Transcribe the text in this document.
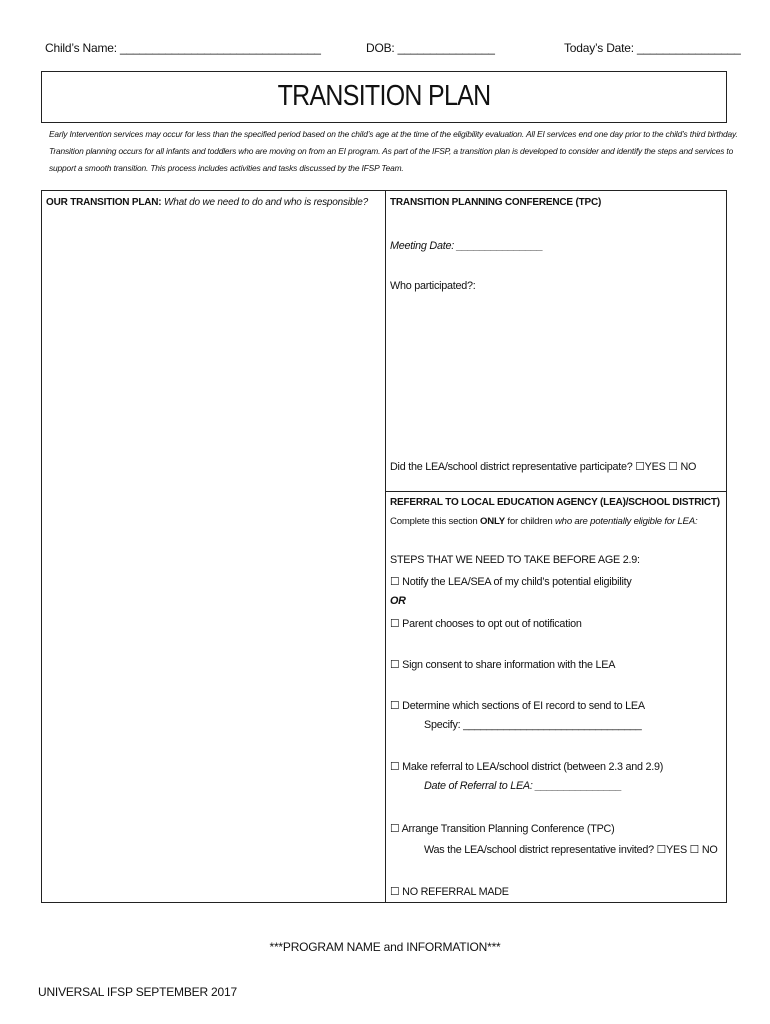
Child’s Name: _______________________________	DOB: _______________	Today’s Date: ________________
TRANSITION PLAN
Early Intervention services may occur for less than the specified period based on the child’s age at the time of the eligibility evaluation. All EI services end one day prior to the child’s third birthday. Transition planning occurs for all infants and toddlers who are moving on from an EI program. As part of the IFSP, a transition plan is developed to consider and identify the steps and services to support a smooth transition. This process includes activities and tasks discussed by the IFSP Team.
OUR TRANSITION PLAN: What do we need to do and who is responsible? TRANSITION PLANNING CONFERENCE (TPC)
Meeting Date: _______________
Who participated?:
Did the LEA/school district representative participate? ☐YES ☐ NO
REFERRAL TO LOCAL EDUCATION AGENCY (LEA)/SCHOOL DISTRICT)
Complete this section ONLY for children who are potentially eligible for LEA:
STEPS THAT WE NEED TO TAKE BEFORE AGE 2.9:
☐ Notify the LEA/SEA of my child’s potential eligibility
OR
☐ Parent chooses to opt out of notification
☐ Sign consent to share information with the LEA
☐ Determine which sections of EI record to send to LEA
Specify: _______________________________
☐ Make referral to LEA/school district (between 2.3 and 2.9)
Date of Referral to LEA: _______________
☐ Arrange Transition Planning Conference (TPC)
Was the LEA/school district representative invited? ☐YES ☐ NO
☐ NO REFERRAL MADE
***PROGRAM NAME and INFORMATION***
UNIVERSAL IFSP SEPTEMBER 2017
